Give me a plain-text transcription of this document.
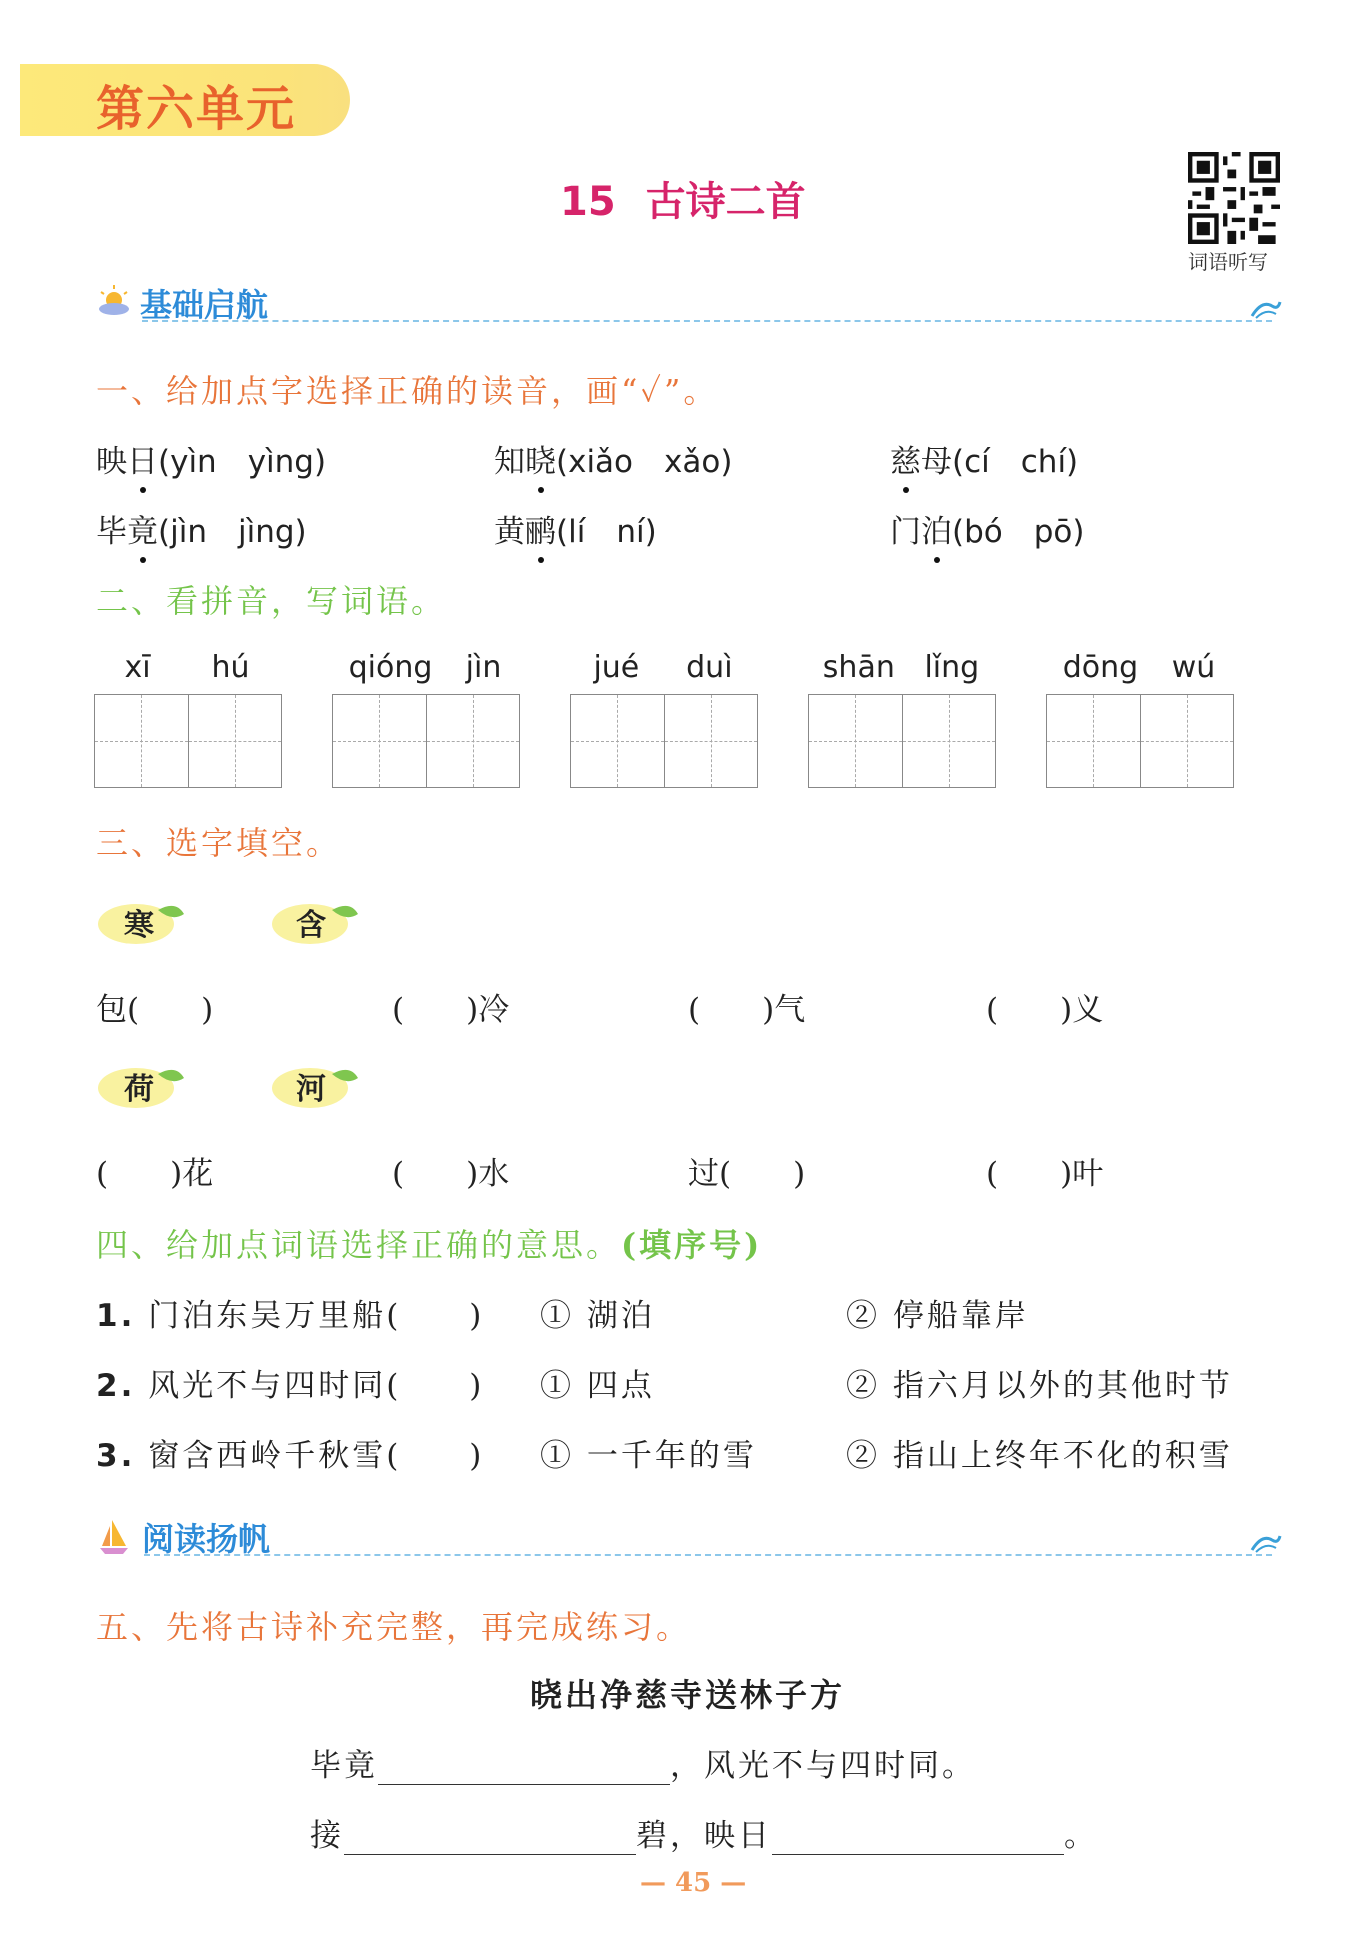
第六单元
15 古诗二首
词语听写
基础启航
一、给加点字选择正确的读音，画“✓”。
映日(yìn　yìng)	知晓(xiǎo　xǎo)	慈母(cí　chí)
毕竟(jìn　jìng)	黄鹂(lí　ní)	门泊(bó　pō)
二、看拼音，写词语。
xī hú	qióng jìn	jué duì	shān lǐng	dōng wú
三、选字填空。
寒	含
包(　　)	(　　)冷	(　　)气	(　　)义
荷	河
(　　)花	(　　)水	过(　　)	(　　)叶
四、给加点词语选择正确的意思。(填序号)
1. 门泊东吴万里船(　　) ① 湖泊	② 停船靠岸
2. 风光不与四时同(　　) ① 四点	② 指六月以外的其他时节
3. 窗含西岭千秋雪(　　) ① 一千年的雪	② 指山上终年不化的积雪
阅读扬帆
五、先将古诗补充完整，再完成练习。
晓出净慈寺送林子方
毕竟	，风光不与四时同。
接	碧，映日	。
— 45 —
